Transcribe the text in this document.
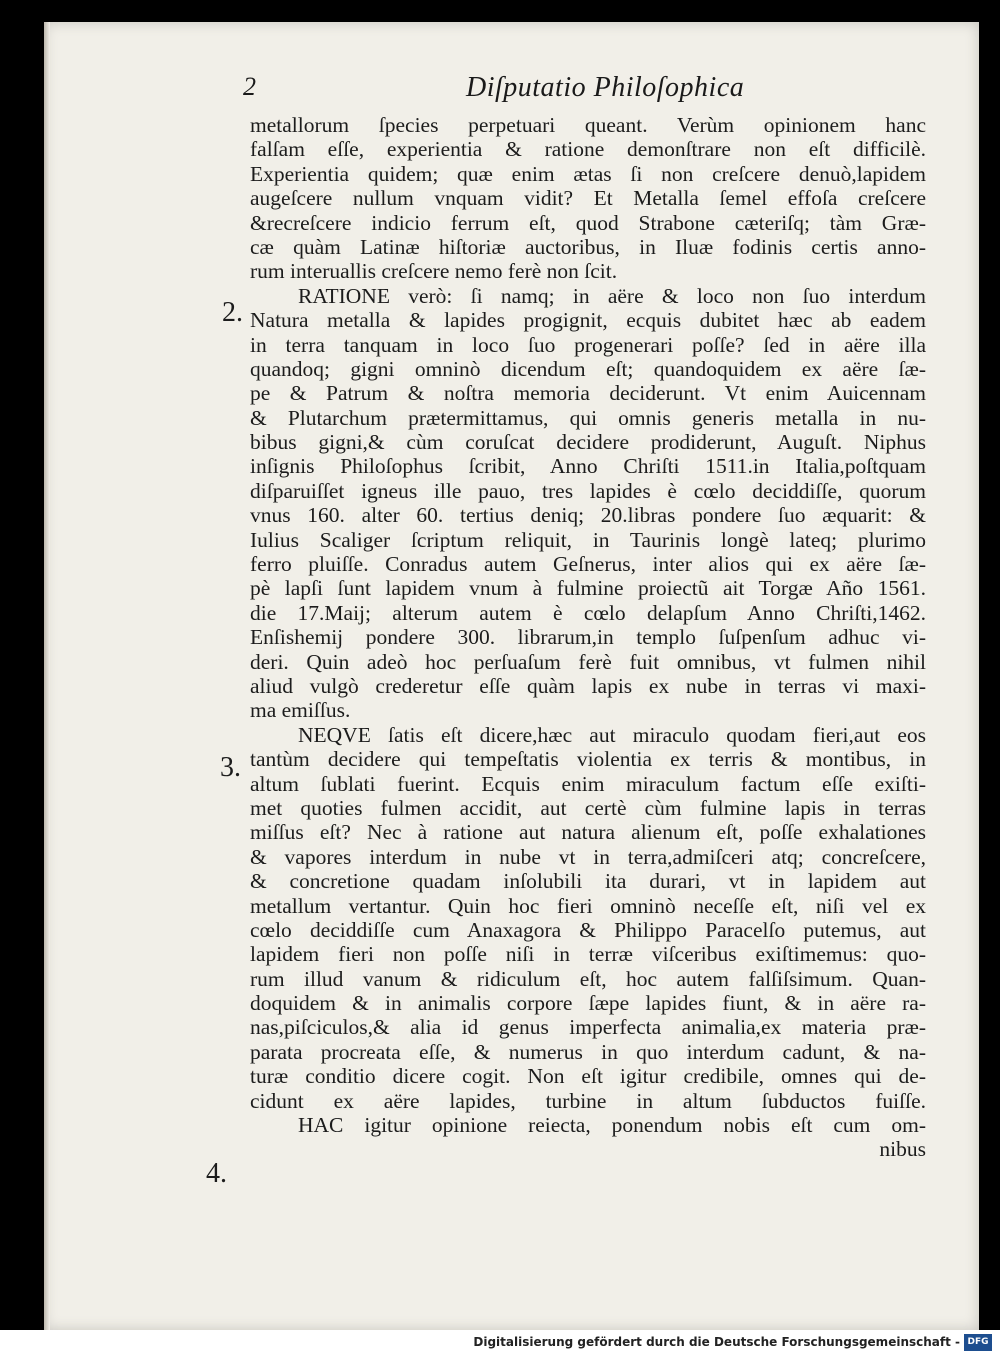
2	Diſputatio Philoſophica
2.
3.
4.
metallorum ſpecies perpetuari queant. Verùm opinionem hanc
falſam eſſe, experientia & ratione demonſtrare non eſt difficilè.
Experientia quidem; quæ enim ætas ſi non creſcere denuò,lapidem
augeſcere nullum vnquam vidit? Et Metalla ſemel effoſa creſcere
&recreſcere indicio ferrum eſt, quod Strabone cæteriſq; tàm Græ-
cæ quàm Latinæ hiſtoriæ auctoribus, in Iluæ fodinis certis anno-
rum interuallis creſcere nemo ferè non ſcit.
RATIONE verò: ſi namq; in aëre & loco non ſuo interdum
Natura metalla & lapides progignit, ecquis dubitet hæc ab eadem
in terra tanquam in loco ſuo progenerari poſſe? ſed in aëre illa
quandoq; gigni omninò dicendum eſt; quandoquidem ex aëre ſæ-
pe & Patrum & noſtra memoria deciderunt. Vt enim Auicennam
& Plutarchum prætermittamus, qui omnis generis metalla in nu-
bibus gigni,& cùm coruſcat decidere prodiderunt, Auguſt. Niphus
inſignis Philoſophus ſcribit, Anno Chriſti 1511.in Italia,poſtquam
diſparuiſſet igneus ille pauo, tres lapides è cœlo deciddiſſe, quorum
vnus 160. alter 60. tertius deniq; 20.libras pondere ſuo æquarit: &
Iulius Scaliger ſcriptum reliquit, in Taurinis longè lateq; plurimo
ferro pluiſſe. Conradus autem Geſnerus, inter alios qui ex aëre ſæ-
pè lapſi ſunt lapidem vnum à fulmine proiectũ ait Torgæ Año 1561.
die 17.Maij; alterum autem è cœlo delapſum Anno Chriſti,1462.
Enſishemij pondere 300. librarum,in templo ſuſpenſum adhuc vi-
deri. Quin adeò hoc perſuaſum ferè fuit omnibus, vt fulmen nihil
aliud vulgò crederetur eſſe quàm lapis ex nube in terras vi maxi-
ma emiſſus.
NEQVE ſatis eſt dicere,hæc aut miraculo quodam fieri,aut eos
tantùm decidere qui tempeſtatis violentia ex terris & montibus, in
altum ſublati fuerint. Ecquis enim miraculum factum eſſe exiſti-
met quoties fulmen accidit, aut certè cùm fulmine lapis in terras
miſſus eſt? Nec à ratione aut natura alienum eſt, poſſe exhalationes
& vapores interdum in nube vt in terra,admiſceri atq; concreſcere,
& concretione quadam inſolubili ita durari, vt in lapidem aut
metallum vertantur. Quin hoc fieri omninò neceſſe eſt, niſi vel ex
cœlo deciddiſſe cum Anaxagora & Philippo Paracelſo putemus, aut
lapidem fieri non poſſe niſi in terræ viſceribus exiſtimemus: quo-
rum illud vanum & ridiculum eſt, hoc autem falſiſsimum. Quan-
doquidem & in animalis corpore ſæpe lapides fiunt, & in aëre ra-
nas,piſciculos,& alia id genus imperfecta animalia,ex materia præ-
parata procreata eſſe, & numerus in quo interdum cadunt, & na-
turæ conditio dicere cogit. Non eſt igitur credibile, omnes qui de-
cidunt ex aëre lapides, turbine in altum ſubductos fuiſſe.
HAC igitur opinione reiecta, ponendum nobis eſt cum om-
nibus
Digitalisierung gefördert durch die Deutsche Forschungsgemeinschaft - DFG
